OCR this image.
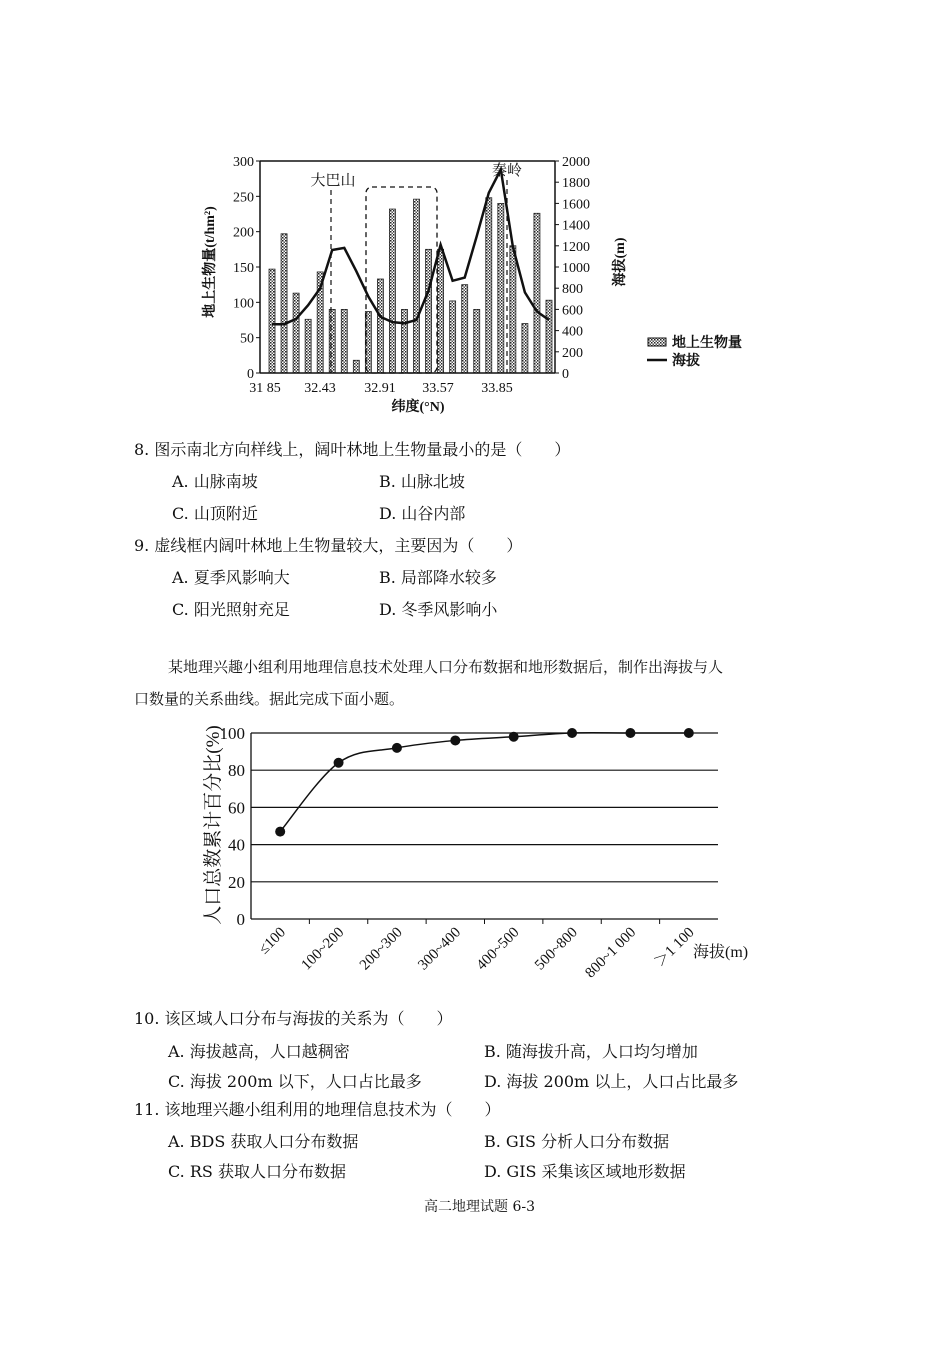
0
50
100
150
200
250
300
0
200
400
600
800
1000
1200
1400
1600
1800
2000
31 85 32.43 32.91 33.57 33.85
大巴山
秦岭
地上生物量(t/hm²)	海拔(m)
纬度(°N)
地上生物量
海拔
8. 图示南北方向样线上，阔叶林地上生物量最小的是（　　）
A. 山脉南坡	B. 山脉北坡
C. 山顶附近	D. 山谷内部
9. 虚线框内阔叶林地上生物量较大，主要因为（　　）
A. 夏季风影响大	B. 局部降水较多
C. 阳光照射充足	D. 冬季风影响小
某地理兴趣小组利用地理信息技术处理人口分布数据和地形数据后，制作出海拔与人
口数量的关系曲线。据此完成下面小题。
0
20
40
60
80
100
≤100 100~200 200~300 300~400 400~500 500~800 800~1 000 ＞1 100
人口总数累计百分比(%)
海拔(m)
10. 该区域人口分布与海拔的关系为（　　）
A. 海拔越高，人口越稠密	B. 随海拔升高，人口均匀增加
C. 海拔 200m 以下，人口占比最多	D. 海拔 200m 以上，人口占比最多
11. 该地理兴趣小组利用的地理信息技术为（　　）
A. BDS 获取人口分布数据	B. GIS 分析人口分布数据
C. RS 获取人口分布数据	D. GIS 采集该区域地形数据
高二地理试题 6-3
